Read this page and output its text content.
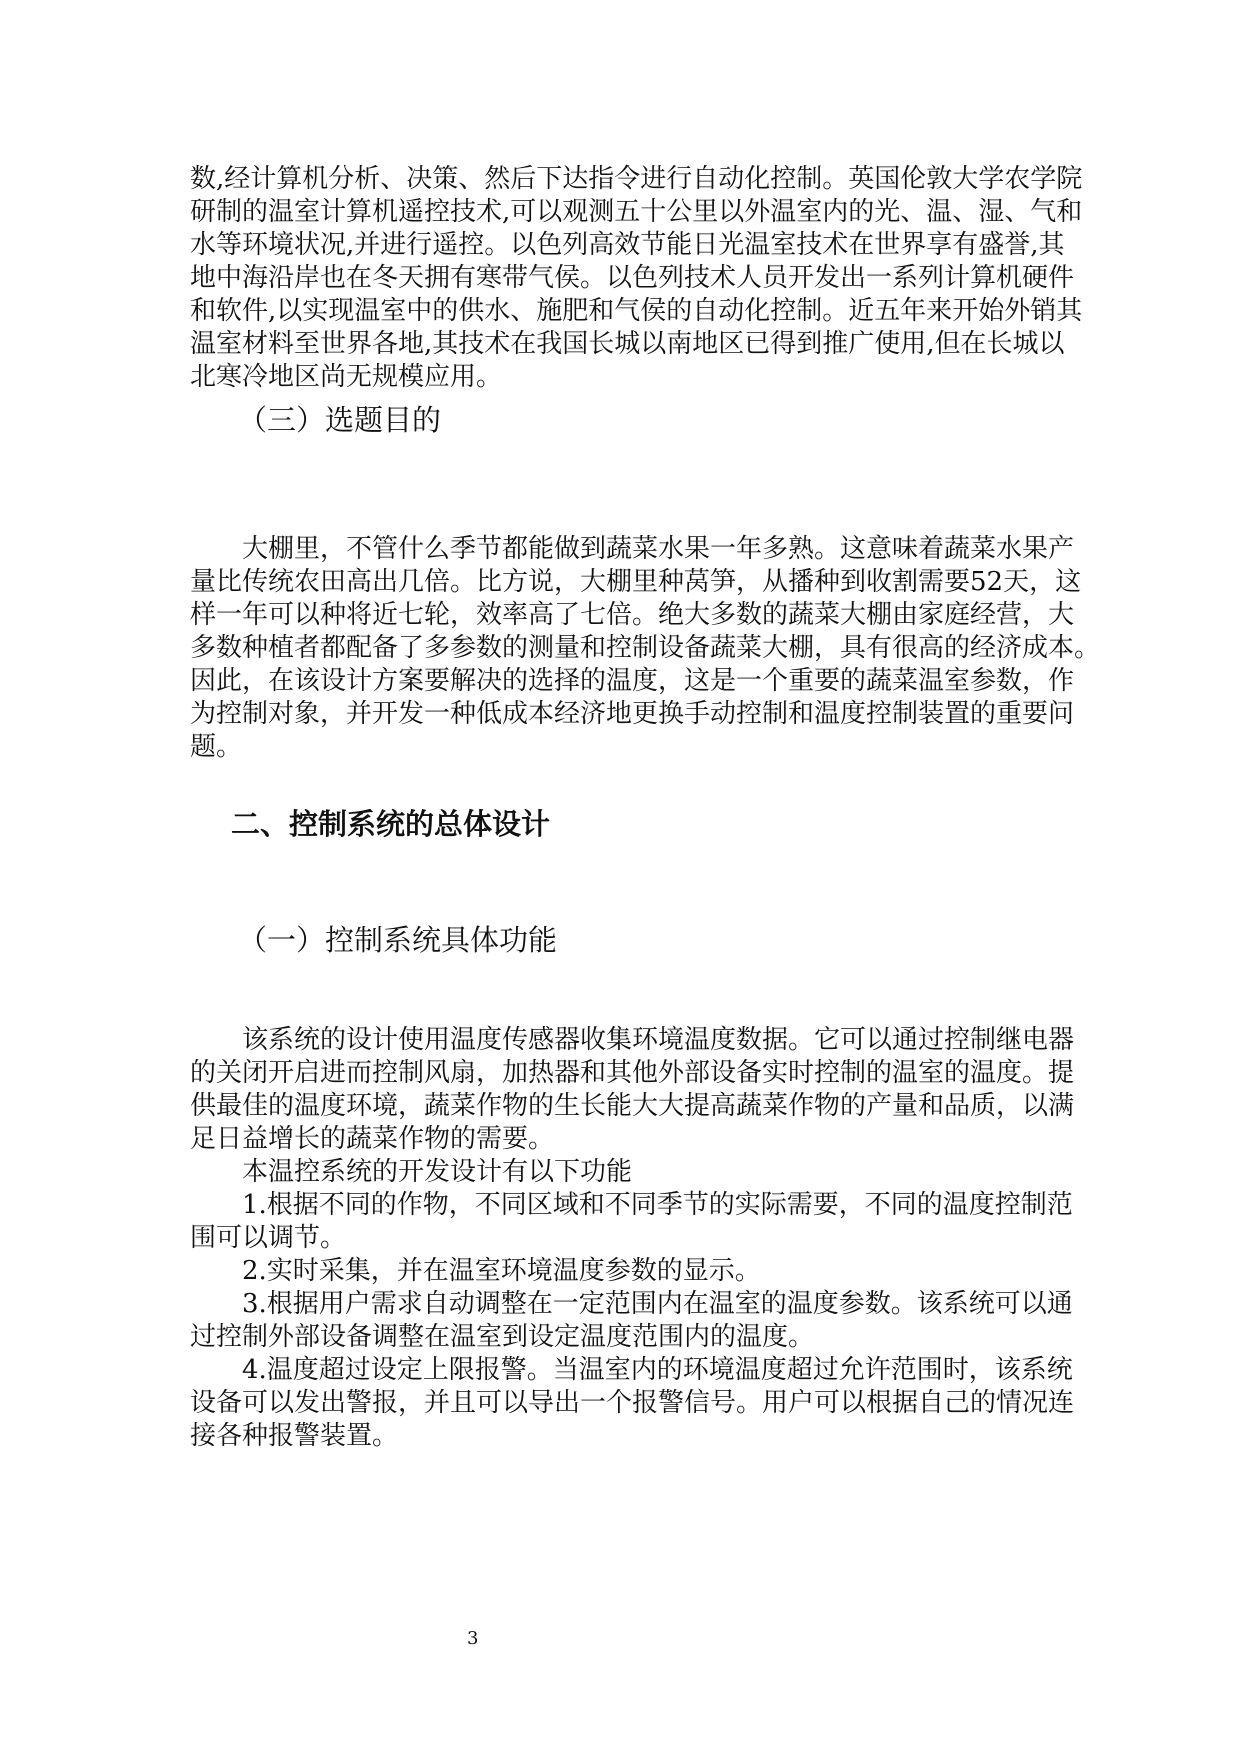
数,经计算机分析、决策、然后下达指令进行自动化控制。英国伦敦大学农学院
研制的温室计算机遥控技术,可以观测五十公里以外温室内的光、温、湿、气和
水等环境状况,并进行遥控。以色列高效节能日光温室技术在世界享有盛誉,其
地中海沿岸也在冬天拥有寒带气侯。以色列技术人员开发出一系列计算机硬件
和软件,以实现温室中的供水、施肥和气侯的自动化控制。近五年来开始外销其
温室材料至世界各地,其技术在我国长城以南地区已得到推广使用,但在长城以
北寒冷地区尚无规模应用。
（三）选题目的
大棚里，不管什么季节都能做到蔬菜水果一年多熟。这意味着蔬菜水果产
量比传统农田高出几倍。比方说，大棚里种莴笋，从播种到收割需要52天，这
样一年可以种将近七轮，效率高了七倍。绝大多数的蔬菜大棚由家庭经营，大
多数种植者都配备了多参数的测量和控制设备蔬菜大棚，具有很高的经济成本。
因此，在该设计方案要解决的选择的温度，这是一个重要的蔬菜温室参数，作
为控制对象，并开发一种低成本经济地更换手动控制和温度控制装置的重要问
题。
二、控制系统的总体设计
（一）控制系统具体功能
该系统的设计使用温度传感器收集环境温度数据。它可以通过控制继电器
的关闭开启进而控制风扇，加热器和其他外部设备实时控制的温室的温度。提
供最佳的温度环境，蔬菜作物的生长能大大提高蔬菜作物的产量和品质，以满
足日益增长的蔬菜作物的需要。
本温控系统的开发设计有以下功能
1.根据不同的作物，不同区域和不同季节的实际需要，不同的温度控制范
围可以调节。
2.实时采集，并在温室环境温度参数的显示。
3.根据用户需求自动调整在一定范围内在温室的温度参数。该系统可以通
过控制外部设备调整在温室到设定温度范围内的温度。
4.温度超过设定上限报警。当温室内的环境温度超过允许范围时，该系统
设备可以发出警报，并且可以导出一个报警信号。用户可以根据自己的情况连
接各种报警装置。
3
